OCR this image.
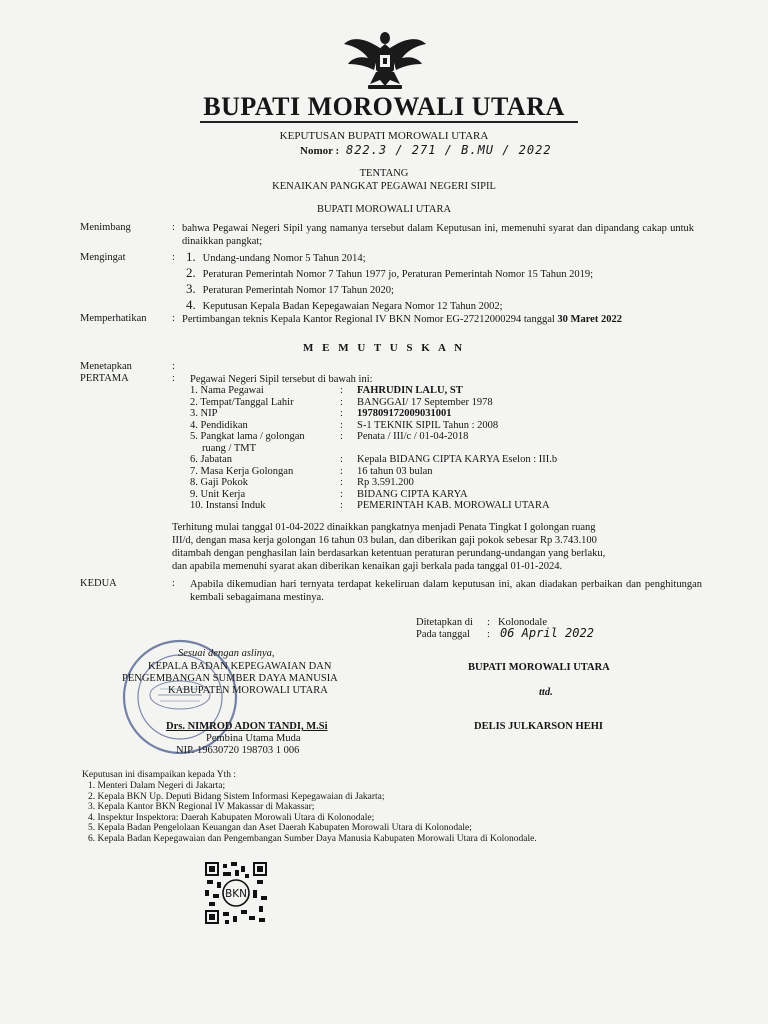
BUPATI MOROWALI UTARA
KEPUTUSAN BUPATI MOROWALI UTARA
Nomor : 822.3 / 271 / B.MU / 2022
TENTANG
KENAIKAN PANGKAT PEGAWAI NEGERI SIPIL
BUPATI MOROWALI UTARA
Menimbang	: bahwa Pegawai Negeri Sipil yang namanya tersebut dalam Keputusan ini, memenuhi syarat dan dipandang cakap untuk dinaikkan pangkat;
Mengingat	: 1. Undang-undang Nomor 5 Tahun 2014;
2. Peraturan Pemerintah Nomor 7 Tahun 1977 jo, Peraturan Pemerintah Nomor 15 Tahun 2019;
3. Peraturan Pemerintah Nomor 17 Tahun 2020;
4. Keputusan Kepala Badan Kepegawaian Negara Nomor 12 Tahun 2002;
Memperhatikan : Pertimbangan teknis Kepala Kantor Regional IV BKN Nomor EG-27212000294 tanggal 30 Maret 2022
M E M U T U S K A N
Menetapkan	:
PERTAMA	: Pegawai Negeri Sipil tersebut di bawah ini:
1. Nama Pegawai	: FAHRUDIN LALU, ST
2. Tempat/Tanggal Lahir	: BANGGAI/ 17 September 1978
3. NIP	: 197809172009031001
4. Pendidikan	: S-1 TEKNIK SIPIL Tahun : 2008
5. Pangkat lama / golongan	: Penata / III/c / 01-04-2018
ruang / TMT
6. Jabatan	: Kepala BIDANG CIPTA KARYA Eselon : III.b
7. Masa Kerja Golongan	: 16 tahun 03 bulan
8. Gaji Pokok	: Rp 3.591.200
9. Unit Kerja	: BIDANG CIPTA KARYA
10. Instansi Induk	: PEMERINTAH KAB. MOROWALI UTARA
Terhitung mulai tanggal 01-04-2022 dinaikkan pangkatnya menjadi Penata Tingkat I golongan ruang
III/d, dengan masa kerja golongan 16 tahun 03 bulan, dan diberikan gaji pokok sebesar Rp 3.743.100
ditambah dengan penghasilan lain berdasarkan ketentuan peraturan perundang-undangan yang berlaku,
dan apabila memenuhi syarat akan diberikan kenaikan gaji berkala pada tanggal 01-01-2024.
KEDUA	: Apabila dikemudian hari ternyata terdapat kekeliruan dalam keputusan ini, akan diadakan perbaikan dan penghitungan kembali sebagaimana mestinya.
Ditetapkan di : Kolonodale
Pada tanggal : 06 April 2022
Sesuai dengan aslinya,
KEPALA BADAN KEPEGAWAIAN DAN
PENGEMBANGAN SUMBER DAYA MANUSIA
KABUPATEN MOROWALI UTARA
Drs. NIMROD ADON TANDI, M.Si
Pembina Utama Muda
NIP. 19630720 198703 1 006
BUPATI MOROWALI UTARA
ttd.
DELIS JULKARSON HEHI
Keputusan ini disampaikan kepada Yth :
1. Menteri Dalam Negeri di Jakarta;
2. Kepala BKN Up. Deputi Bidang Sistem Informasi Kepegawaian di Jakarta;
3. Kepala Kantor BKN Regional IV Makassar di Makassar;
4. Inspektur Inspektora: Daerah Kabupaten Morowali Utara di Kolonodale;
5. Kepala Badan Pengelolaan Keuangan dan Aset Daerah Kabupaten Morowali Utara di Kolonodale;
6. Kepala Badan Kepegawaian dan Pengembangan Sumber Daya Manusia Kabupaten Morowali Utara di Kolonodale.
BKN
